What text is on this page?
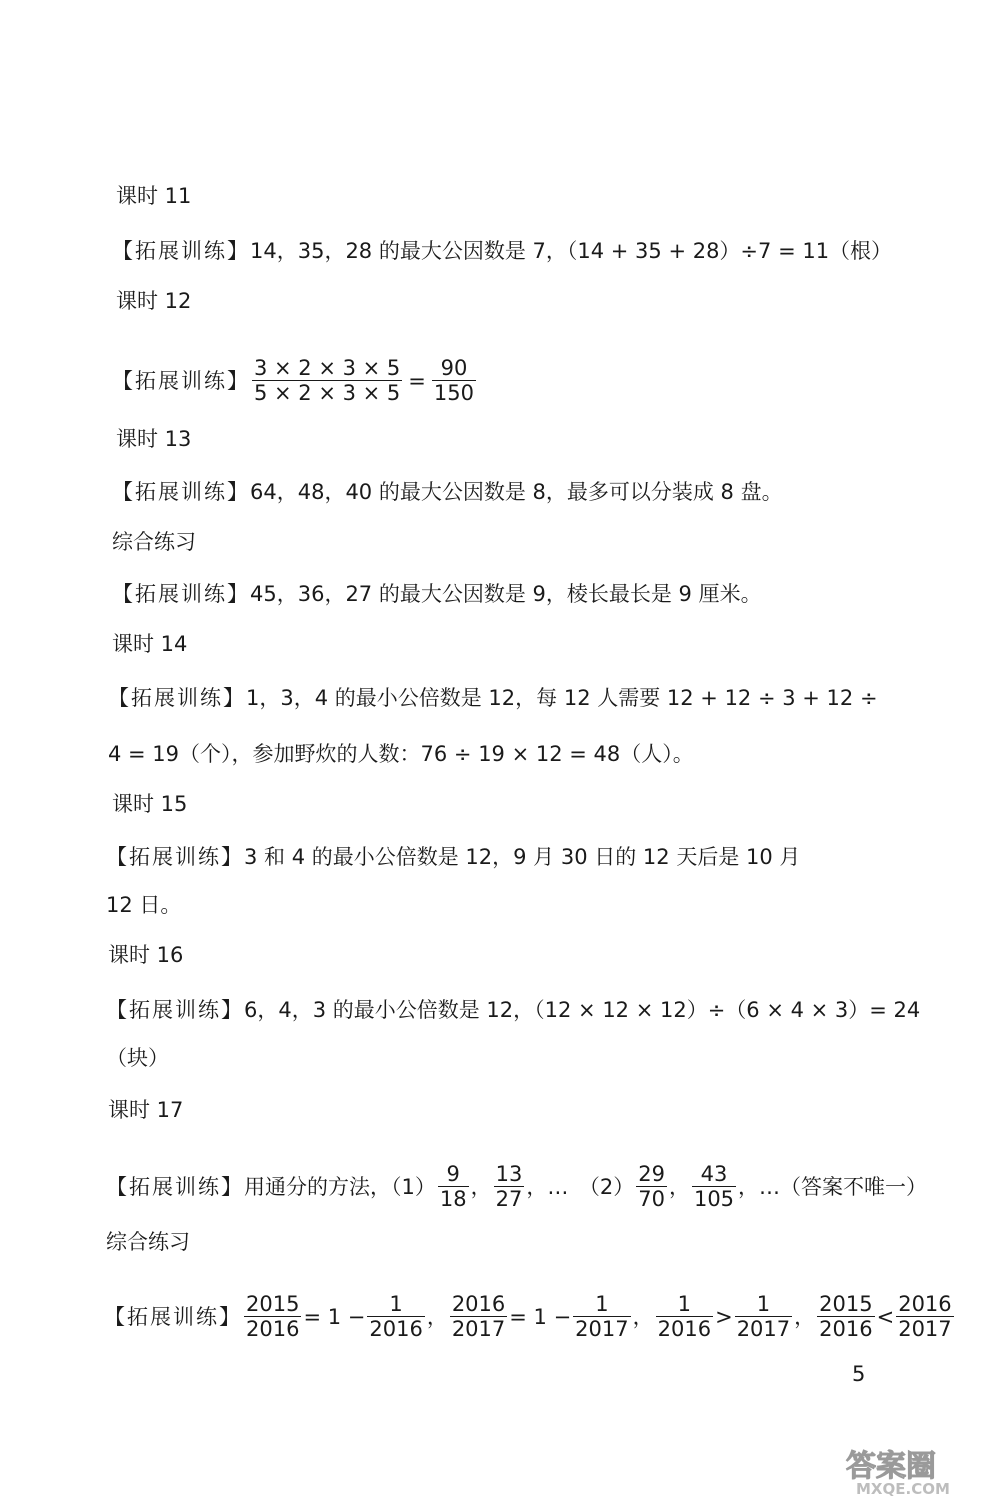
课时 11
【拓展训练】 14，35，28 的最大公因数是 7，（14 + 35 + 28）÷7 = 11（根）
课时 12
【拓展训练】 $\frac{3 \times 2 \times 3 \times 5}{5 \times 2 \times 3 \times 5} = \frac{90}{150}$
课时 13
【拓展训练】 64，48，40 的最大公因数是 8，最多可以分装成 8 盘。
综合练习
【拓展训练】 45，36，27 的最大公因数是 9，棱长最长是 9 厘米。
课时 14
【拓展训练】 1，3，4 的最小公倍数是 12，每 12 人需要 12 + 12 ÷ 3 + 12 ÷
4 = 19（个），参加野炊的人数：76 ÷ 19 × 12 = 48（人）。
课时 15
【拓展训练】 3 和 4 的最小公倍数是 12，9 月 30 日的 12 天后是 10 月
12 日。
课时 16
【拓展训练】 6，4，3 的最小公倍数是 12，（12 × 12 × 12）÷（6 × 4 × 3）= 24
（块）
课时 17
【拓展训练】 用通分的方法，$(1) \frac{9}{18}$ ， $\frac{13}{27}$ ，…　$(2) \frac{29}{70}$ ， $\frac{43}{105}$ ，…（答案不唯一）
综合练习
【拓展训练】 $\frac{2015}{2016} = 1 - \frac{1}{2016}$ ， $\frac{2016}{2017} = 1 - \frac{1}{2017}$ ， $\frac{1}{2016} > \frac{1}{2017}$ ， $\frac{2015}{2016} < \frac{2016}{2017}$
5
答案圈
MXQE.COM
